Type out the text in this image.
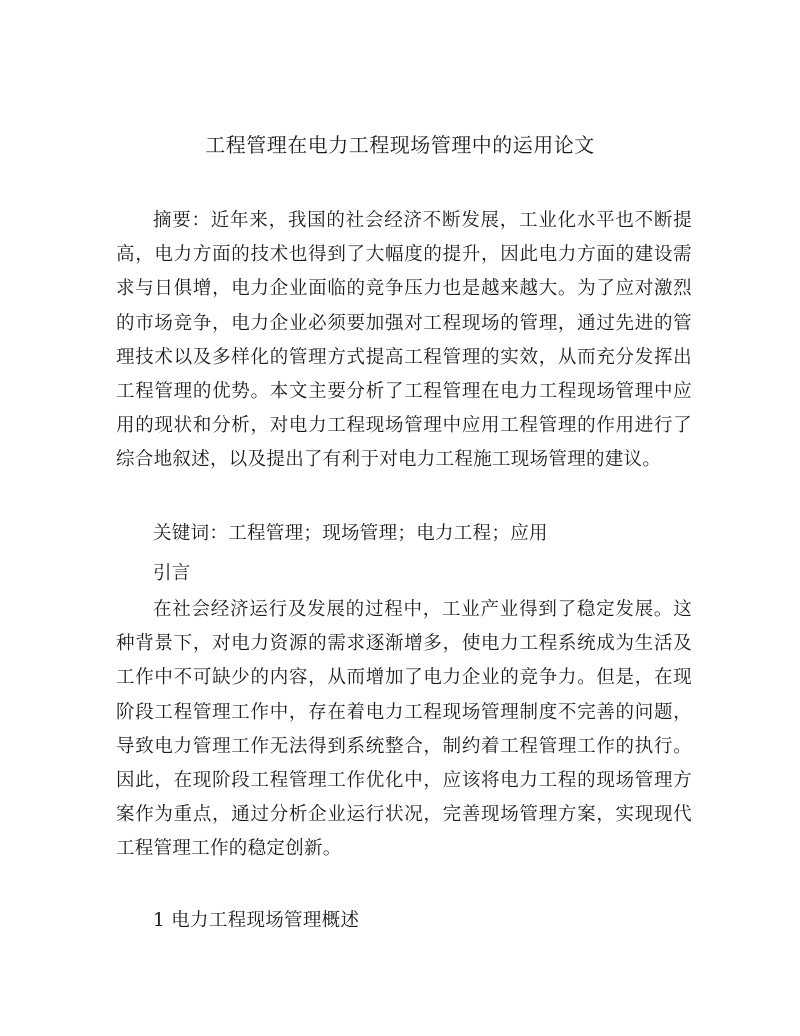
工程管理在电力工程现场管理中的运用论文

摘要：近年来，我国的社会经济不断发展，工业化水平也不断提高，电力方面的技术也得到了大幅度的提升，因此电力方面的建设需求与日俱增，电力企业面临的竞争压力也是越来越大。为了应对激烈的市场竞争，电力企业必须要加强对工程现场的管理，通过先进的管理技术以及多样化的管理方式提高工程管理的实效，从而充分发挥出工程管理的优势。本文主要分析了工程管理在电力工程现场管理中应用的现状和分析，对电力工程现场管理中应用工程管理的作用进行了综合地叙述，以及提出了有利于对电力工程施工现场管理的建议。

关键词：工程管理；现场管理；电力工程；应用

引言

在社会经济运行及发展的过程中，工业产业得到了稳定发展。这种背景下，对电力资源的需求逐渐增多，使电力工程系统成为生活及工作中不可缺少的内容，从而增加了电力企业的竞争力。但是，在现阶段工程管理工作中，存在着电力工程现场管理制度不完善的问题，导致电力管理工作无法得到系统整合，制约着工程管理工作的执行。因此，在现阶段工程管理工作优化中，应该将电力工程的现场管理方案作为重点，通过分析企业运行状况，完善现场管理方案，实现现代工程管理工作的稳定创新。

1 电力工程现场管理概述
